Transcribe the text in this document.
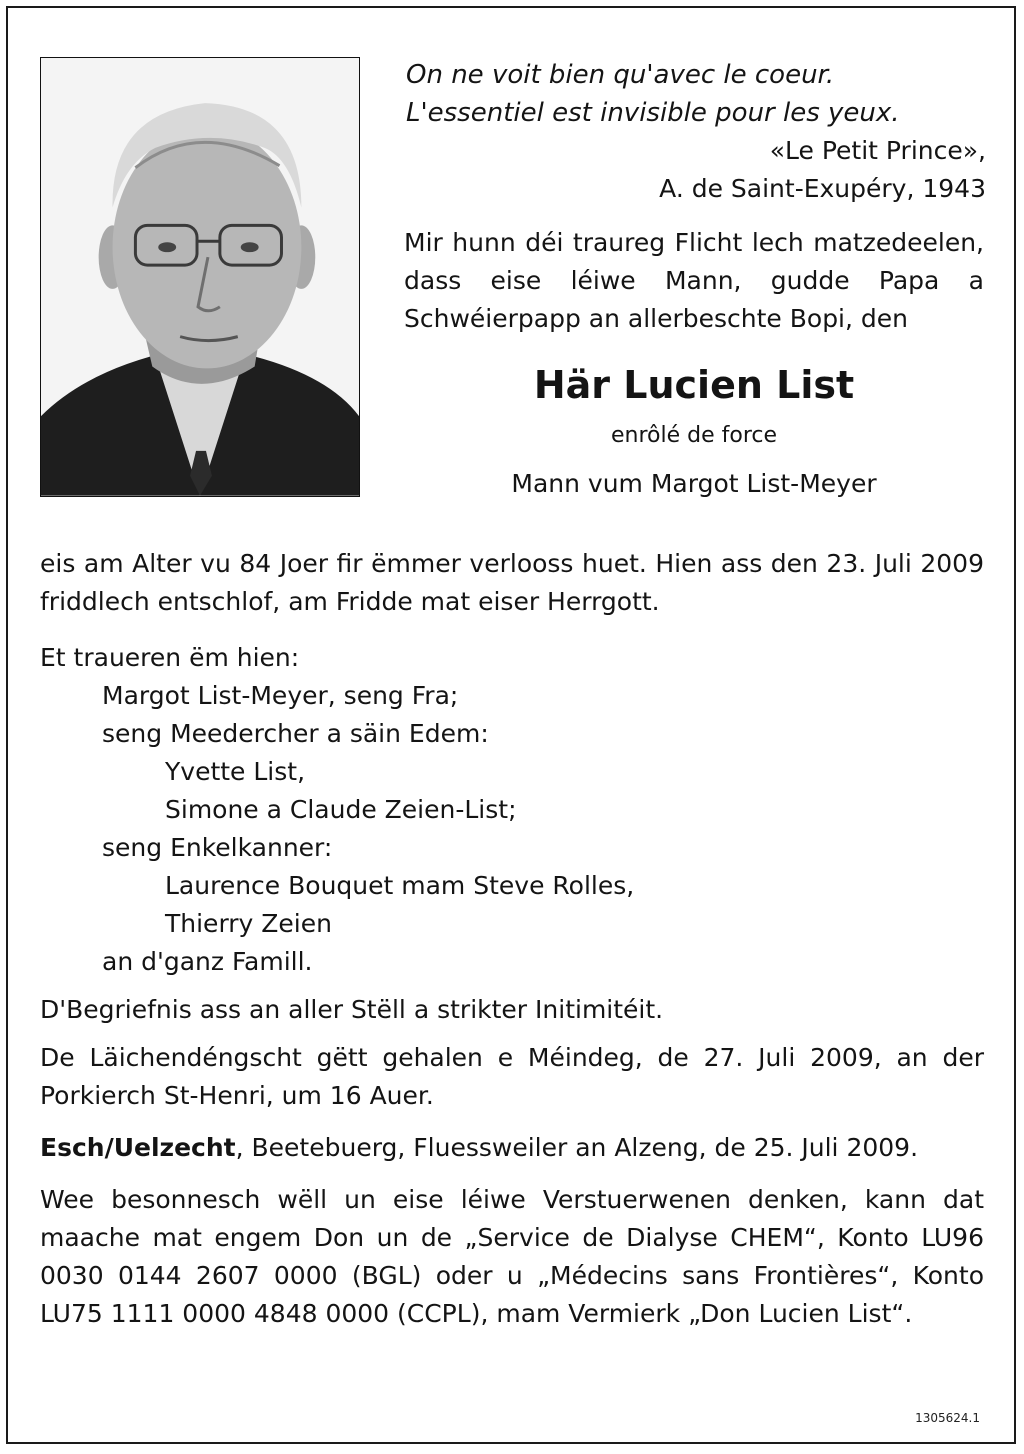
On ne voit bien qu'avec le coeur.

L'essentiel est invisible pour les yeux.

«Le Petit Prince»,

A. de Saint-Exupéry, 1943

Mir hunn déi traureg Flicht lech matzedeelen, dass eise léiwe Mann, gudde Papa a Schwéierpapp an allerbeschte Bopi, den

Här Lucien List

enrôlé de force

Mann vum Margot List-Meyer

eis am Alter vu 84 Joer fir ëmmer verlooss huet. Hien ass den 23. Juli 2009 friddlech entschlof, am Fridde mat eiser Herrgott.

Et traueren ëm hien:
Margot List-Meyer, seng Fra;
seng Meedercher a säin Edem:
Yvette List,
Simone a Claude Zeien-List;
seng Enkelkanner:
Laurence Bouquet mam Steve Rolles,
Thierry Zeien
an d'ganz Famill.

D'Begriefnis ass an aller Stëll a strikter Initimitéit.

De Läichendéngscht gëtt gehalen e Méindeg, de 27. Juli 2009, an der Porkierch St-Henri, um 16 Auer.

Esch/Uelzecht, Beetebuerg, Fluessweiler an Alzeng, de 25. Juli 2009.

Wee besonnesch wëll un eise léiwe Verstuerwenen denken, kann dat maache mat engem Don un de „Service de Dialyse CHEM“, Konto LU96 0030 0144 2607 0000 (BGL) oder u „Médecins sans Frontières“, Konto LU75 1111 0000 4848 0000 (CCPL), mam Vermierk „Don Lucien List“.

1305624.1
